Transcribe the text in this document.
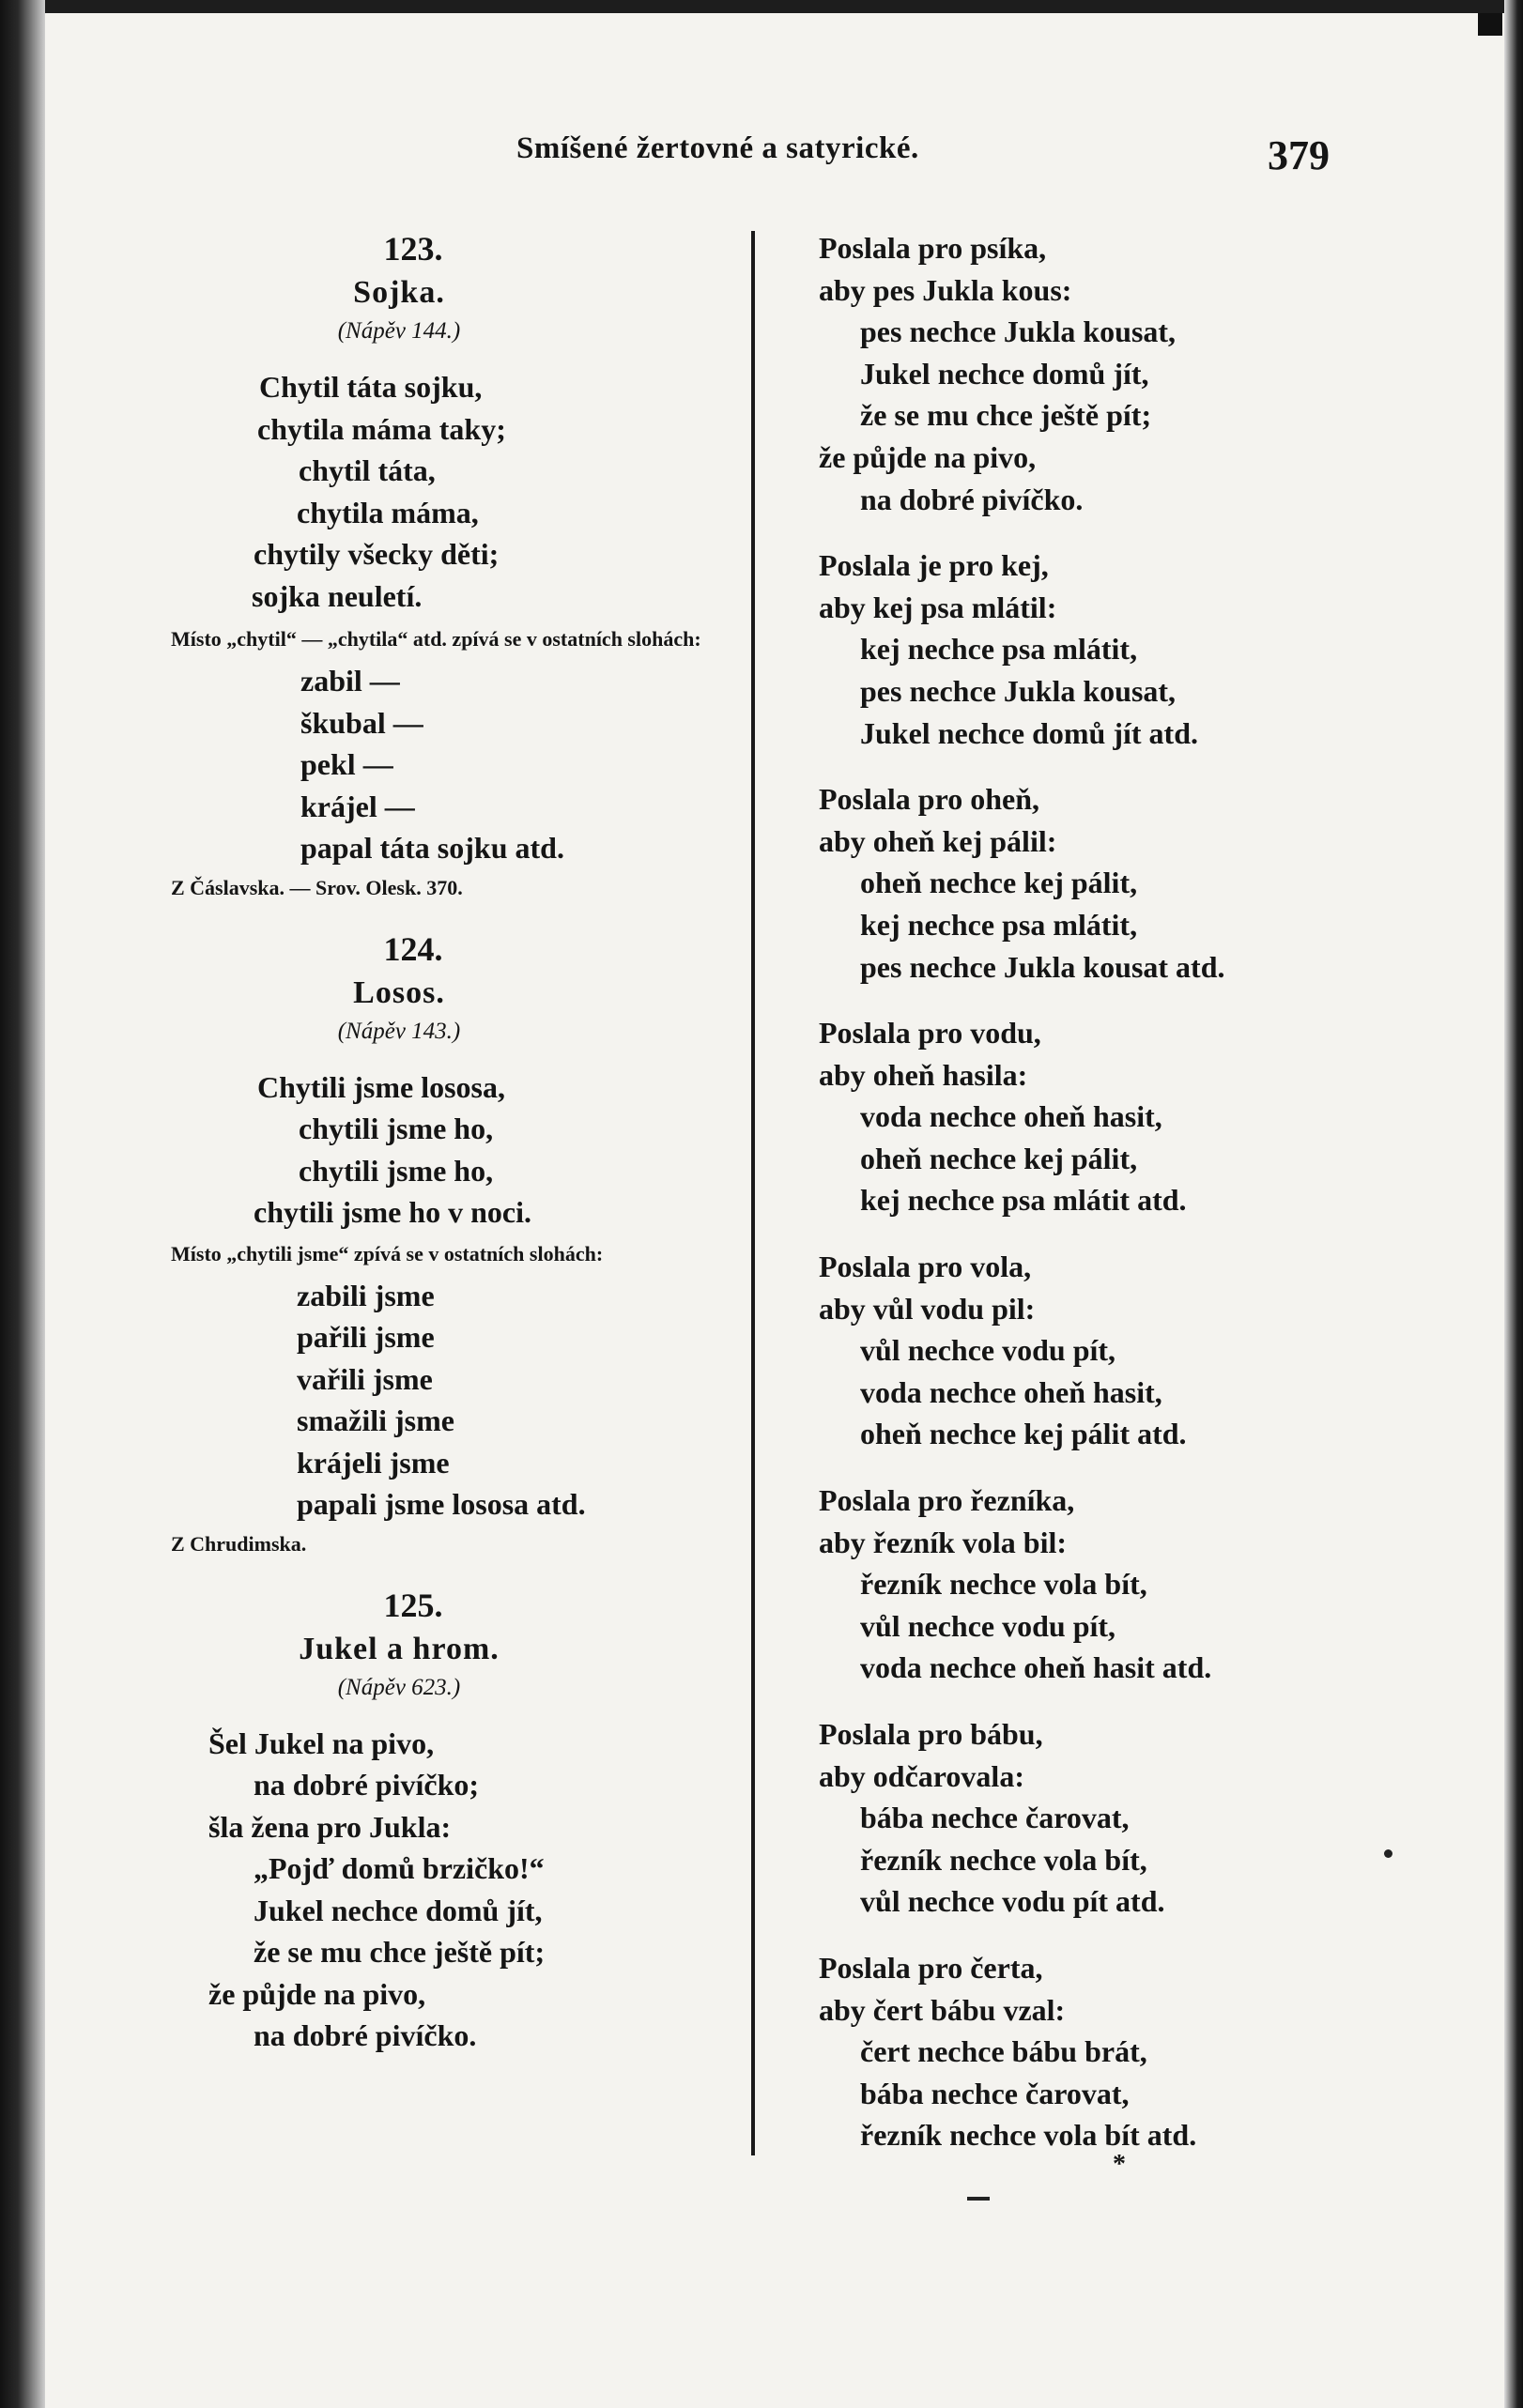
Smíšené žertovné a satyrické.	379
123.
Sojka.
(Nápěv 144.)
Chytil táta sojku,
chytila máma taky;
chytil táta,
chytila máma,
chytily všecky děti;
sojka neuletí.
Místo „chytil“ — „chytila“ atd. zpívá se v ostatních slohách:
zabil —
škubal —
pekl —
krájel —
papal táta sojku atd.
Z Čáslavska. — Srov. Olesk. 370.
124.
Losos.
(Nápěv 143.)
Chytili jsme lososa,
chytili jsme ho,
chytili jsme ho,
chytili jsme ho v noci.
Místo „chytili jsme“ zpívá se v ostatních slohách:
zabili jsme
pařili jsme
vařili jsme
smažili jsme
krájeli jsme
papali jsme lososa atd.
Z Chrudimska.
125.
Jukel a hrom.
(Nápěv 623.)
Šel Jukel na pivo,
na dobré pivíčko;
šla žena pro Jukla:
„Pojď domů brzičko!“
Jukel nechce domů jít,
že se mu chce ještě pít;
že půjde na pivo,
na dobré pivíčko.
Poslala pro psíka,
aby pes Jukla kous:
pes nechce Jukla kousat,
Jukel nechce domů jít,
že se mu chce ještě pít;
že půjde na pivo,
na dobré pivíčko.
Poslala je pro kej,
aby kej psa mlátil:
kej nechce psa mlátit,
pes nechce Jukla kousat,
Jukel nechce domů jít atd.
Poslala pro oheň,
aby oheň kej pálil:
oheň nechce kej pálit,
kej nechce psa mlátit,
pes nechce Jukla kousat atd.
Poslala pro vodu,
aby oheň hasila:
voda nechce oheň hasit,
oheň nechce kej pálit,
kej nechce psa mlátit atd.
Poslala pro vola,
aby vůl vodu pil:
vůl nechce vodu pít,
voda nechce oheň hasit,
oheň nechce kej pálit atd.
Poslala pro řezníka,
aby řezník vola bil:
řezník nechce vola bít,
vůl nechce vodu pít,
voda nechce oheň hasit atd.
Poslala pro bábu,
aby odčarovala:
bába nechce čarovat,
řezník nechce vola bít,
vůl nechce vodu pít atd.
Poslala pro čerta,
aby čert bábu vzal:
čert nechce bábu brát,
bába nechce čarovat,
řezník nechce vola bít atd.
*
